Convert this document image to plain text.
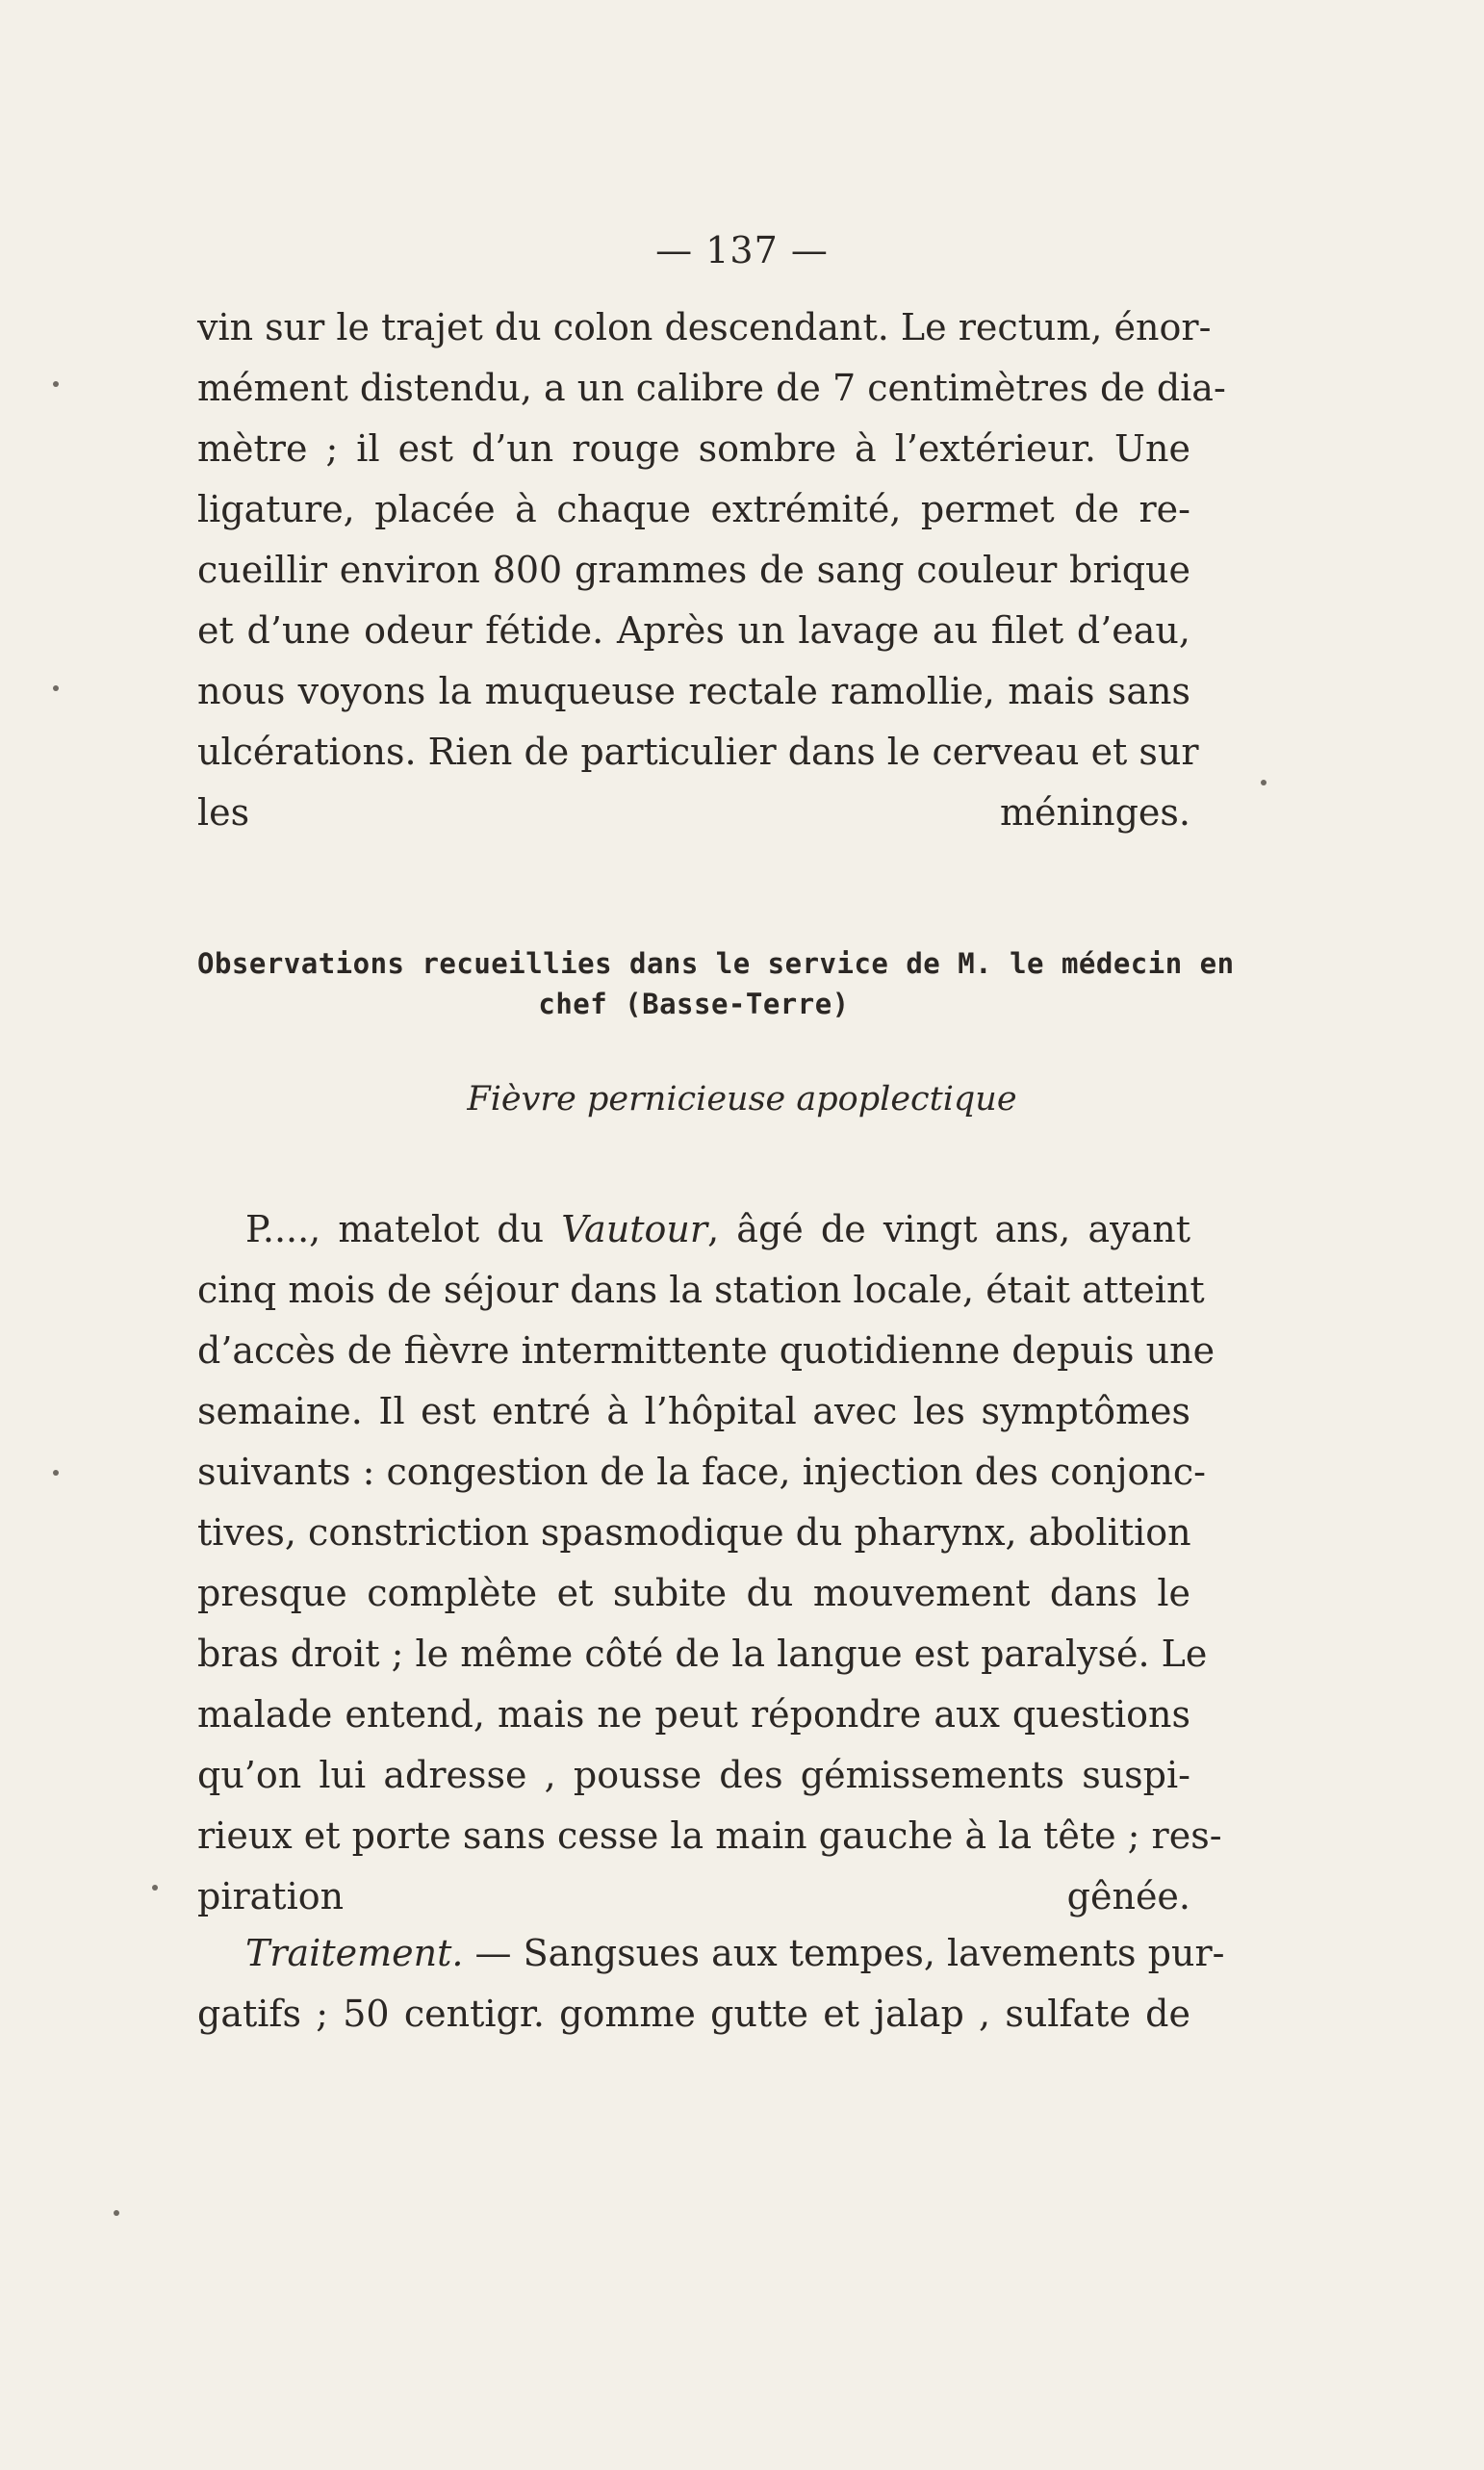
— 137 —
vin sur le trajet du colon descendant. Le rectum, énor-
mément distendu, a un calibre de 7 centimètres de dia-
mètre ; il est d’un rouge sombre à l’extérieur. Une
ligature, placée à chaque extrémité, permet de re-
cueillir environ 800 grammes de sang couleur brique
et d’une odeur fétide. Après un lavage au filet d’eau,
nous voyons la muqueuse rectale ramollie, mais sans
ulcérations. Rien de particulier dans le cerveau et sur
les méninges.
Observations recueillies dans le service de M. le médecin en
chef (Basse-Terre)
Fièvre pernicieuse apoplectique
P...., matelot du Vautour, âgé de vingt ans, ayant
cinq mois de séjour dans la station locale, était atteint
d’accès de fièvre intermittente quotidienne depuis une
semaine. Il est entré à l’hôpital avec les symptômes
suivants : congestion de la face, injection des conjonc-
tives, constriction spasmodique du pharynx, abolition
presque complète et subite du mouvement dans le
bras droit ; le même côté de la langue est paralysé. Le
malade entend, mais ne peut répondre aux questions
qu’on lui adresse , pousse des gémissements suspi-
rieux et porte sans cesse la main gauche à la tête ; res-
piration gênée.
Traitement. — Sangsues aux tempes, lavements pur-
gatifs ; 50 centigr. gomme gutte et jalap , sulfate de
